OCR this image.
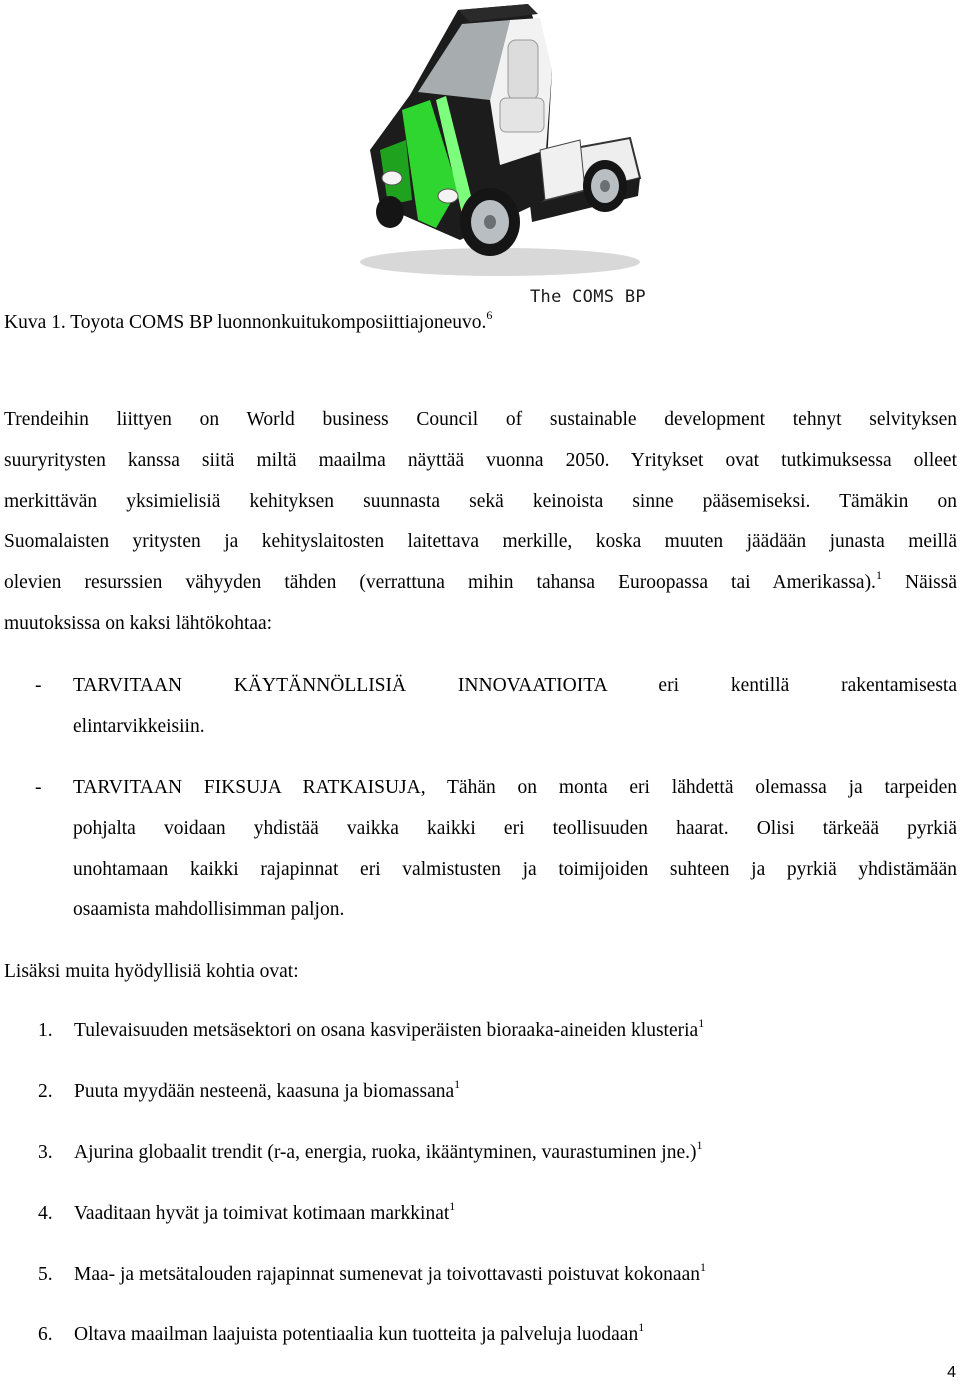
The COMS BP
Kuva 1. Toyota COMS BP luonnonkuitukomposiittiajoneuvo.$^6$
Trendeihin liittyen on World business Council of sustainable development tehnyt selvityksen
suuryritysten kanssa siitä miltä maailma näyttää vuonna 2050. Yritykset ovat tutkimuksessa olleet
merkittävän yksimielisiä kehityksen suunnasta sekä keinoista sinne pääsemiseksi. Tämäkin on
Suomalaisten yritysten ja kehityslaitosten laitettava merkille, koska muuten jäädään junasta meillä
olevien resurssien vähyyden tähden (verrattuna mihin tahansa Euroopassa tai Amerikassa).$^1$ Näissä
muutoksissa on kaksi lähtökohtaa:
- TARVITAAN KÄYTÄNNÖLLISIÄ INNOVAATIOITA eri kentillä rakentamisesta
elintarvikkeisiin.
- TARVITAAN FIKSUJA RATKAISUJA, Tähän on monta eri lähdettä olemassa ja tarpeiden
pohjalta voidaan yhdistää vaikka kaikki eri teollisuuden haarat. Olisi tärkeää pyrkiä
unohtamaan kaikki rajapinnat eri valmistusten ja toimijoiden suhteen ja pyrkiä yhdistämään
osaamista mahdollisimman paljon.
Lisäksi muita hyödyllisiä kohtia ovat:
1. Tulevaisuuden metsäsektori on osana kasviperäisten bioraaka-aineiden klusteria$^1$
2. Puuta myydään nesteenä, kaasuna ja biomassana$^1$
3. Ajurina globaalit trendit (r-a, energia, ruoka, ikääntyminen, vaurastuminen jne.)$^1$
4. Vaaditaan hyvät ja toimivat kotimaan markkinat$^1$
5. Maa- ja metsätalouden rajapinnat sumenevat ja toivottavasti poistuvat kokonaan$^1$
6. Oltava maailman laajuista potentiaalia kun tuotteita ja palveluja luodaan$^1$
4
